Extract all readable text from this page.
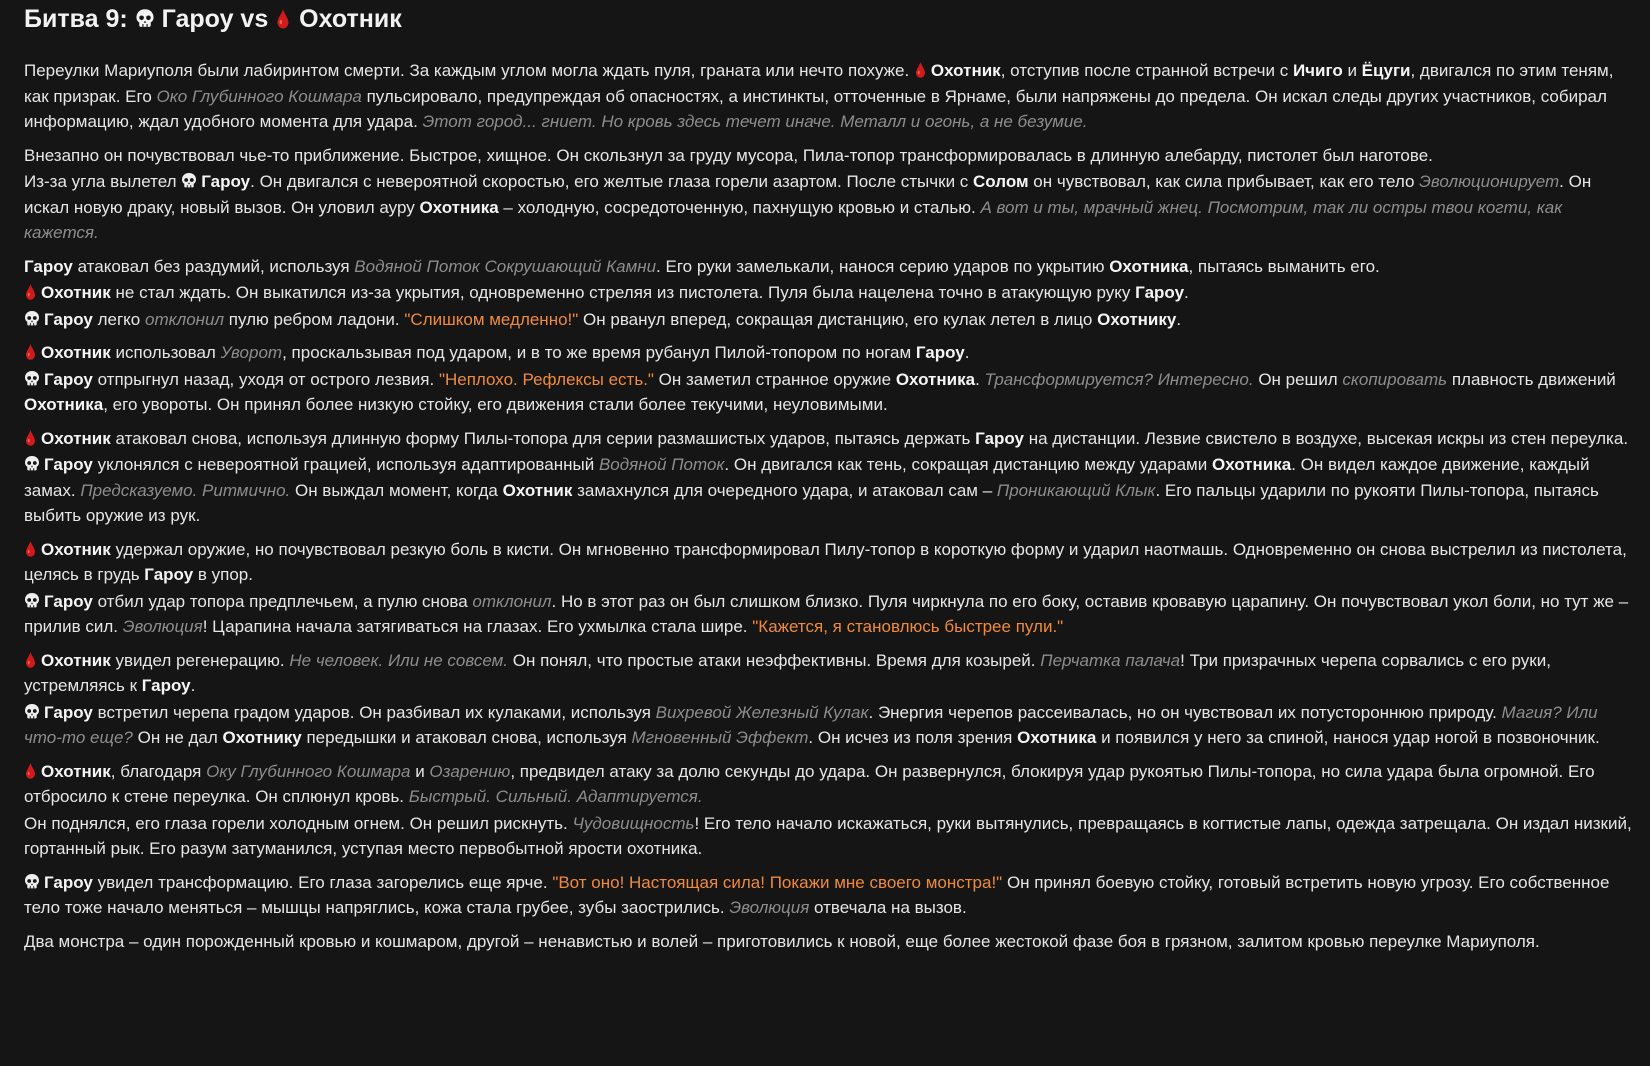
Битва 9:  Гароу vs Охотник
Переулки Мариуполя были лабиринтом смерти. За каждым углом могла ждать пуля, граната или нечто похуже. Охотник, отступив после странной встречи с Ичиго и Ёцуги, двигался по этим теням, как призрак. Его Око Глубинного Кошмара пульсировало, предупреждая об опасностях, а инстинкты, отточенные в Ярнаме, были напряжены до предела. Он искал следы других участников, собирал информацию, ждал удобного момента для удара. Этот город... гниет. Но кровь здесь течет иначе. Металл и огонь, а не безумие.
Внезапно он почувствовал чье-то приближение. Быстрое, хищное. Он скользнул за груду мусора, Пила-топор трансформировалась в длинную алебарду, пистолет был наготове.
Из-за угла вылетел Гароу. Он двигался с невероятной скоростью, его желтые глаза горели азартом. После стычки с Солом он чувствовал, как сила прибывает, как его тело Эволюционирует. Он искал новую драку, новый вызов. Он уловил ауру Охотника – холодную, сосредоточенную, пахнущую кровью и сталью. А вот и ты, мрачный жнец. Посмотрим, так ли остры твои когти, как кажется.
Гароу атаковал без раздумий, используя Водяной Поток Сокрушающий Камни. Его руки замелькали, нанося серию ударов по укрытию Охотника, пытаясь выманить его.
Охотник не стал ждать. Он выкатился из-за укрытия, одновременно стреляя из пистолета. Пуля была нацелена точно в атакующую руку Гароу.
Гароу легко отклонил пулю ребром ладони. "Слишком медленно!" Он рванул вперед, сокращая дистанцию, его кулак летел в лицо Охотнику.
Охотник использовал Уворот, проскальзывая под ударом, и в то же время рубанул Пилой-топором по ногам Гароу.
Гароу отпрыгнул назад, уходя от острого лезвия. "Неплохо. Рефлексы есть." Он заметил странное оружие Охотника. Трансформируется? Интересно. Он решил скопировать плавность движений Охотника, его увороты. Он принял более низкую стойку, его движения стали более текучими, неуловимыми.
Охотник атаковал снова, используя длинную форму Пилы-топора для серии размашистых ударов, пытаясь держать Гароу на дистанции. Лезвие свистело в воздухе, высекая искры из стен переулка.
Гароу уклонялся с невероятной грацией, используя адаптированный Водяной Поток. Он двигался как тень, сокращая дистанцию между ударами Охотника. Он видел каждое движение, каждый замах. Предсказуемо. Ритмично. Он выждал момент, когда Охотник замахнулся для очередного удара, и атаковал сам – Проникающий Клык. Его пальцы ударили по рукояти Пилы-топора, пытаясь выбить оружие из рук.
Охотник удержал оружие, но почувствовал резкую боль в кисти. Он мгновенно трансформировал Пилу-топор в короткую форму и ударил наотмашь. Одновременно он снова выстрелил из пистолета, целясь в грудь Гароу в упор.
Гароу отбил удар топора предплечьем, а пулю снова отклонил. Но в этот раз он был слишком близко. Пуля чиркнула по его боку, оставив кровавую царапину. Он почувствовал укол боли, но тут же – прилив сил. Эволюция! Царапина начала затягиваться на глазах. Его ухмылка стала шире. "Кажется, я становлюсь быстрее пули."
Охотник увидел регенерацию. Не человек. Или не совсем. Он понял, что простые атаки неэффективны. Время для козырей. Перчатка палача! Три призрачных черепа сорвались с его руки, устремляясь к Гароу.
Гароу встретил черепа градом ударов. Он разбивал их кулаками, используя Вихревой Железный Кулак. Энергия черепов рассеивалась, но он чувствовал их потустороннюю природу. Магия? Или что-то еще? Он не дал Охотнику передышки и атаковал снова, используя Мгновенный Эффект. Он исчез из поля зрения Охотника и появился у него за спиной, нанося удар ногой в позвоночник.
Охотник, благодаря Оку Глубинного Кошмара и Озарению, предвидел атаку за долю секунды до удара. Он развернулся, блокируя удар рукоятью Пилы-топора, но сила удара была огромной. Его отбросило к стене переулка. Он сплюнул кровь. Быстрый. Сильный. Адаптируется.
Он поднялся, его глаза горели холодным огнем. Он решил рискнуть. Чудовищность! Его тело начало искажаться, руки вытянулись, превращаясь в когтистые лапы, одежда затрещала. Он издал низкий, гортанный рык. Его разум затуманился, уступая место первобытной ярости охотника.
Гароу увидел трансформацию. Его глаза загорелись еще ярче. "Вот оно! Настоящая сила! Покажи мне своего монстра!" Он принял боевую стойку, готовый встретить новую угрозу. Его собственное тело тоже начало меняться – мышцы напряглись, кожа стала грубее, зубы заострились. Эволюция отвечала на вызов.
Два монстра – один порожденный кровью и кошмаром, другой – ненавистью и волей – приготовились к новой, еще более жестокой фазе боя в грязном, залитом кровью переулке Мариуполя.
